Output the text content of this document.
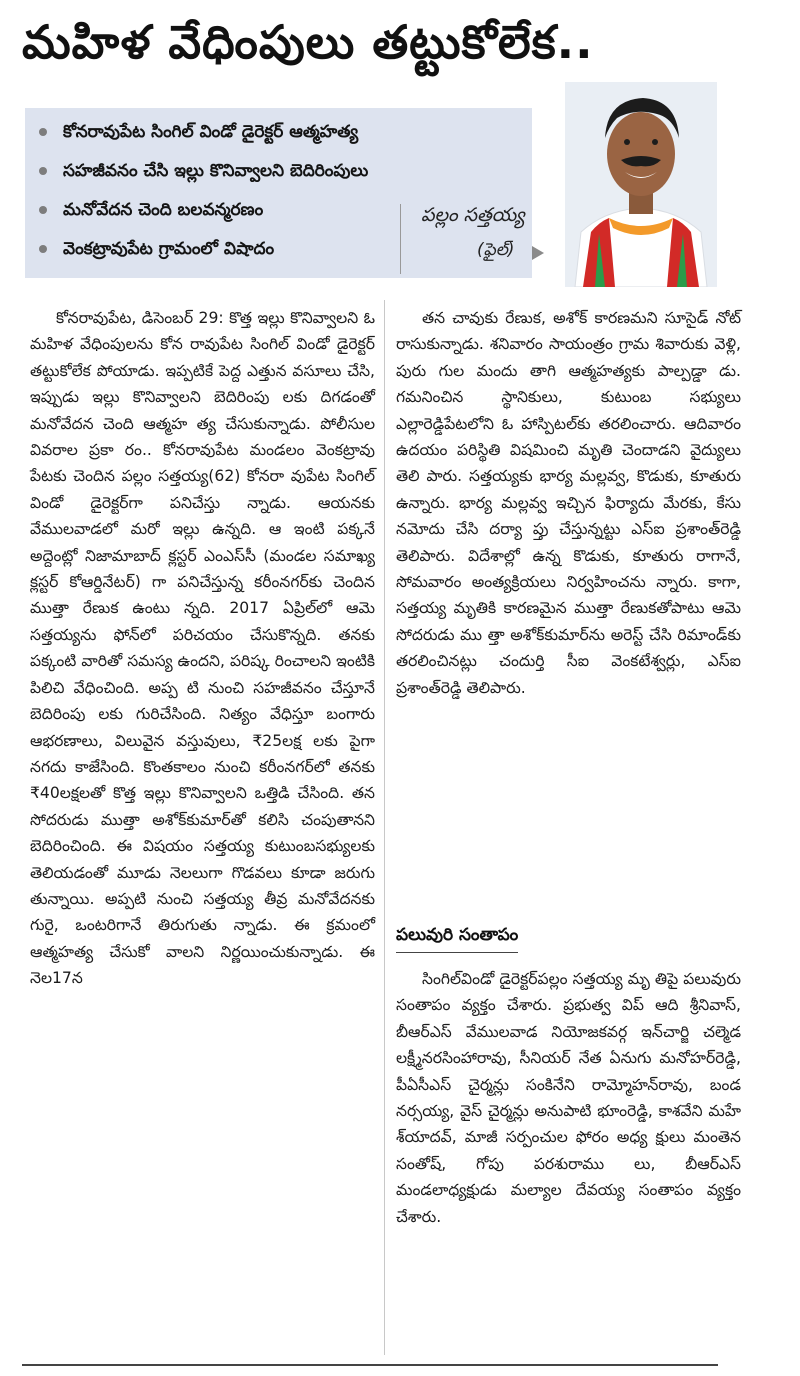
మహిళ వేధింపులు తట్టుకోలేక..
కోనరావుపేట సింగిల్ విండో డైరెక్టర్ ఆత్మహత్య
సహజీవనం చేసి ఇల్లు కొనివ్వాలని బెదిరింపులు
మనోవేదన చెంది బలవన్మరణం
వెంకట్రావుపేట గ్రామంలో విషాదం
పల్లం సత్తయ్య
(ఫైల్)

కోనరావుపేట, డిసెంబర్ 29: కొత్త ఇల్లు కొనివ్వాలని ఓ మహిళ వేధింపులను కోన రావుపేట సింగిల్ విండో డైరెక్టర్ తట్టుకోలేక పోయాడు. ఇప్పటికే పెద్ద ఎత్తున వసూలు చేసి, ఇప్పుడు ఇల్లు కొనివ్వాలని బెదిరింపు లకు దిగడంతో మనోవేదన చెంది ఆత్మహ త్య చేసుకున్నాడు. పోలీసుల వివరాల ప్రకా రం.. కోనరావుపేట మండలం వెంకట్రావు పేటకు చెందిన పల్లం సత్తయ్య(62) కోనరా వుపేట సింగిల్ విండో డైరెక్టర్‌గా పనిచేస్తు న్నాడు. ఆయనకు వేములవాడలో మరో ఇల్లు ఉన్నది. ఆ ఇంటి పక్కనే అద్దెంట్లో నిజామాబాద్ క్లస్టర్ ఎంఎస్‌సీ (మండల సమాఖ్య క్లస్టర్ కోఆర్డినేటర్) గా పనిచేస్తున్న కరీంనగర్‌కు చెందిన ముత్తా రేణుక ఉంటు న్నది. 2017 ఏప్రిల్‌లో ఆమె సత్తయ్యను ఫోన్‌లో పరిచయం చేసుకొన్నది. తనకు పక్కంటి వారితో సమస్య ఉందని, పరిష్క రించాలని ఇంటికి పిలిచి వేధించింది. అప్ప టి నుంచి సహజీవనం చేస్తూనే బెదిరింపు లకు గురిచేసింది. నిత్యం వేధిస్తూ బంగారు ఆభరణాలు, విలువైన వస్తువులు, ₹25లక్ష లకు పైగా నగదు కాజేసింది. కొంతకాలం నుంచి కరీంనగర్‌లో తనకు ₹40లక్షలతో కొత్త ఇల్లు కొనివ్వాలని ఒత్తిడి చేసింది. తన సోదరుడు ముత్తా అశోక్‌కుమార్‌తో కలిసి చంపుతానని బెదిరించింది. ఈ విషయం సత్తయ్య కుటుంబసభ్యులకు తెలియడంతో మూడు నెలలుగా గొడవలు కూడా జరుగు తున్నాయి. అప్పటి నుంచి సత్తయ్య తీవ్ర మనోవేదనకు గురై, ఒంటరిగానే తిరుగుతు న్నాడు. ఈ క్రమంలో ఆత్మహత్య చేసుకో వాలని నిర్ణయించుకున్నాడు. ఈ నెల17న

తన చావుకు రేణుక, అశోక్ కారణమని సూసైడ్ నోట్ రాసుకున్నాడు. శనివారం సాయంత్రం గ్రామ శివారుకు వెళ్లి, పురు గుల మందు తాగి ఆత్మహత్యకు పాల్పడ్డా డు. గమనించిన స్థానికులు, కుటుంబ సభ్యులు ఎల్లారెడ్డిపేటలోని ఓ హాస్పిటల్‌కు తరలించారు. ఆదివారం ఉదయం పరిస్థితి విషమించి మృతి చెందాడని వైద్యులు తెలి పారు. సత్తయ్యకు భార్య మల్లవ్వ, కొడుకు, కూతురు ఉన్నారు. భార్య మల్లవ్వ ఇచ్చిన ఫిర్యాదు మేరకు, కేసు నమోదు చేసి దర్యా ప్తు చేస్తున్నట్టు ఎస్ఐ ప్రశాంత్‌రెడ్డి తెలిపారు. విదేశాల్లో ఉన్న కొడుకు, కూతురు రాగానే, సోమవారం అంత్యక్రియలు నిర్వహించను న్నారు. కాగా, సత్తయ్య మృతికి కారణమైన ముత్తా రేణుకతోపాటు ఆమె సోదరుడు ము త్తా అశోక్‌కుమార్‌ను అరెస్ట్ చేసి రిమాండ్‌కు తరలించినట్లు చందుర్తి సీఐ వెంకటేశ్వర్లు, ఎస్ఐ ప్రశాంత్‌రెడ్డి తెలిపారు.

పలువురి సంతాపం

సింగిల్‌విండో డైరెక్టర్‌పల్లం సత్తయ్య మృ తిపై పలువురు సంతాపం వ్యక్తం చేశారు. ప్రభుత్వ విప్ ఆది శ్రీనివాస్, బీఆర్ఎస్ వేములవాడ నియోజకవర్గ ఇన్‌చార్జి చల్మెడ లక్ష్మీనరసింహారావు, సీనియర్ నేత ఏనుగు మనోహర్‌రెడ్డి, పీఏసీఎస్ చైర్మన్లు సంకినేని రామ్మోహన్‌రావు, బండ నర్సయ్య, వైస్ చైర్మన్లు అనుపాటి భూంరెడ్డి, కాశవేని మహే శ్‌యాదవ్, మాజీ సర్పంచుల ఫోరం అధ్య క్షులు మంతెన సంతోష్, గోపు పరశురాము లు, బీఆర్ఎస్ మండలాధ్యక్షుడు మల్యాల దేవయ్య సంతాపం వ్యక్తం చేశారు.
